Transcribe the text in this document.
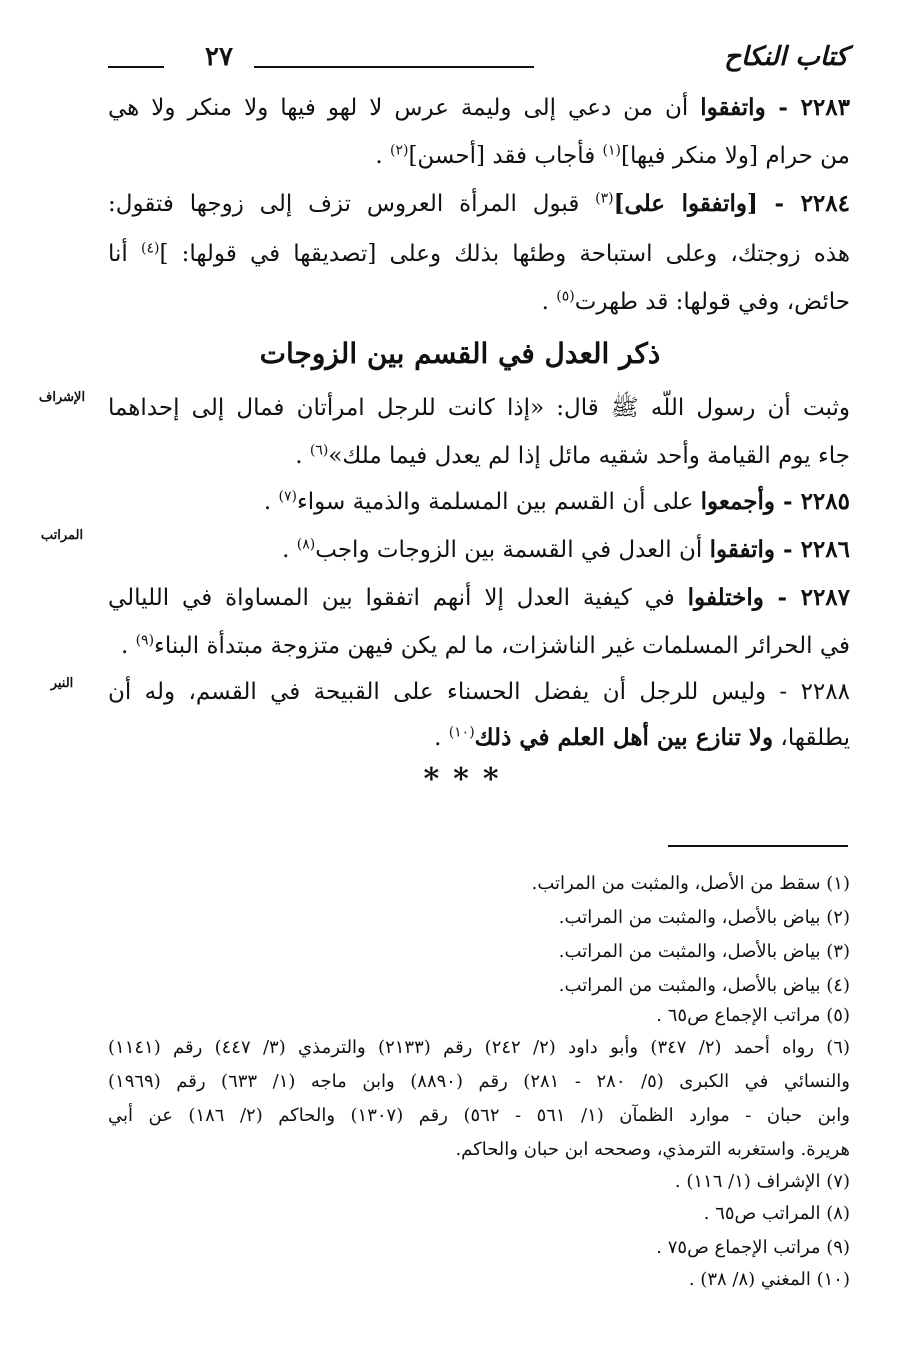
٢٧	كتاب النكاح
٢٢٨٣ - واتفقوا أن من دعي إلى وليمة عرس لا لهو فيها ولا منكر ولا هي
من حرام [ولا منكر فيها]$^{(١)}$ فأجاب فقد [أحسن]$^{(٢)}$ .
٢٢٨٤ - [واتفقوا على]$^{(٣)}$ قبول المرأة العروس تزف إلى زوجها فتقول:
هذه زوجتك، وعلى استباحة وطئها بذلك وعلى [تصديقها في قولها: ]$^{(٤)}$ أنا
حائض، وفي قولها: قد طهرت$^{(٥)}$ .
ذكر العدل في القسم بين الزوجات
وثبت أن رسول اللّه ﷺ قال: «إذا كانت للرجل امرأتان فمال إلى إحداهما
الإشراف
جاء يوم القيامة وأحد شقيه مائل إذا لم يعدل فيما ملك»$^{(٦)}$ .
٢٢٨٥ - وأجمعوا على أن القسم بين المسلمة والذمية سواء$^{(٧)}$ .
٢٢٨٦ - واتفقوا أن العدل في القسمة بين الزوجات واجب$^{(٨)}$ .
المراتب
٢٢٨٧ - واختلفوا في كيفية العدل إلا أنهم اتفقوا بين المساواة في الليالي
في الحرائر المسلمات غير الناشزات، ما لم يكن فيهن متزوجة مبتدأة البناء$^{(٩)}$ .
٢٢٨٨ - وليس للرجل أن يفضل الحسناء على القبيحة في القسم، وله أن
النير
يطلقها، ولا تنازع بين أهل العلم في ذلك$^{(١٠)}$ .
***
(١) سقط من الأصل، والمثبت من المراتب.
(٢) بياض بالأصل، والمثبت من المراتب.
(٣) بياض بالأصل، والمثبت من المراتب.
(٤) بياض بالأصل، والمثبت من المراتب.
(٥) مراتب الإجماع ص٦٥ .
(٦) رواه أحمد (٢/ ٣٤٧) وأبو داود (٢/ ٢٤٢) رقم (٢١٣٣) والترمذي (٣/ ٤٤٧) رقم (١١٤١)
والنسائي في الكبرى (٥/ ٢٨٠ - ٢٨١) رقم (٨٨٩٠) وابن ماجه (١/ ٦٣٣) رقم (١٩٦٩)
وابن حبان - موارد الظمآن (١/ ٥٦١ - ٥٦٢) رقم (١٣٠٧) والحاكم (٢/ ١٨٦) عن أبي
هريرة. واستغربه الترمذي، وصححه ابن حبان والحاكم.
(٧) الإشراف (١/ ١١٦) .
(٨) المراتب ص٦٥ .
(٩) مراتب الإجماع ص٧٥ .
(١٠) المغني (٨/ ٣٨) .
